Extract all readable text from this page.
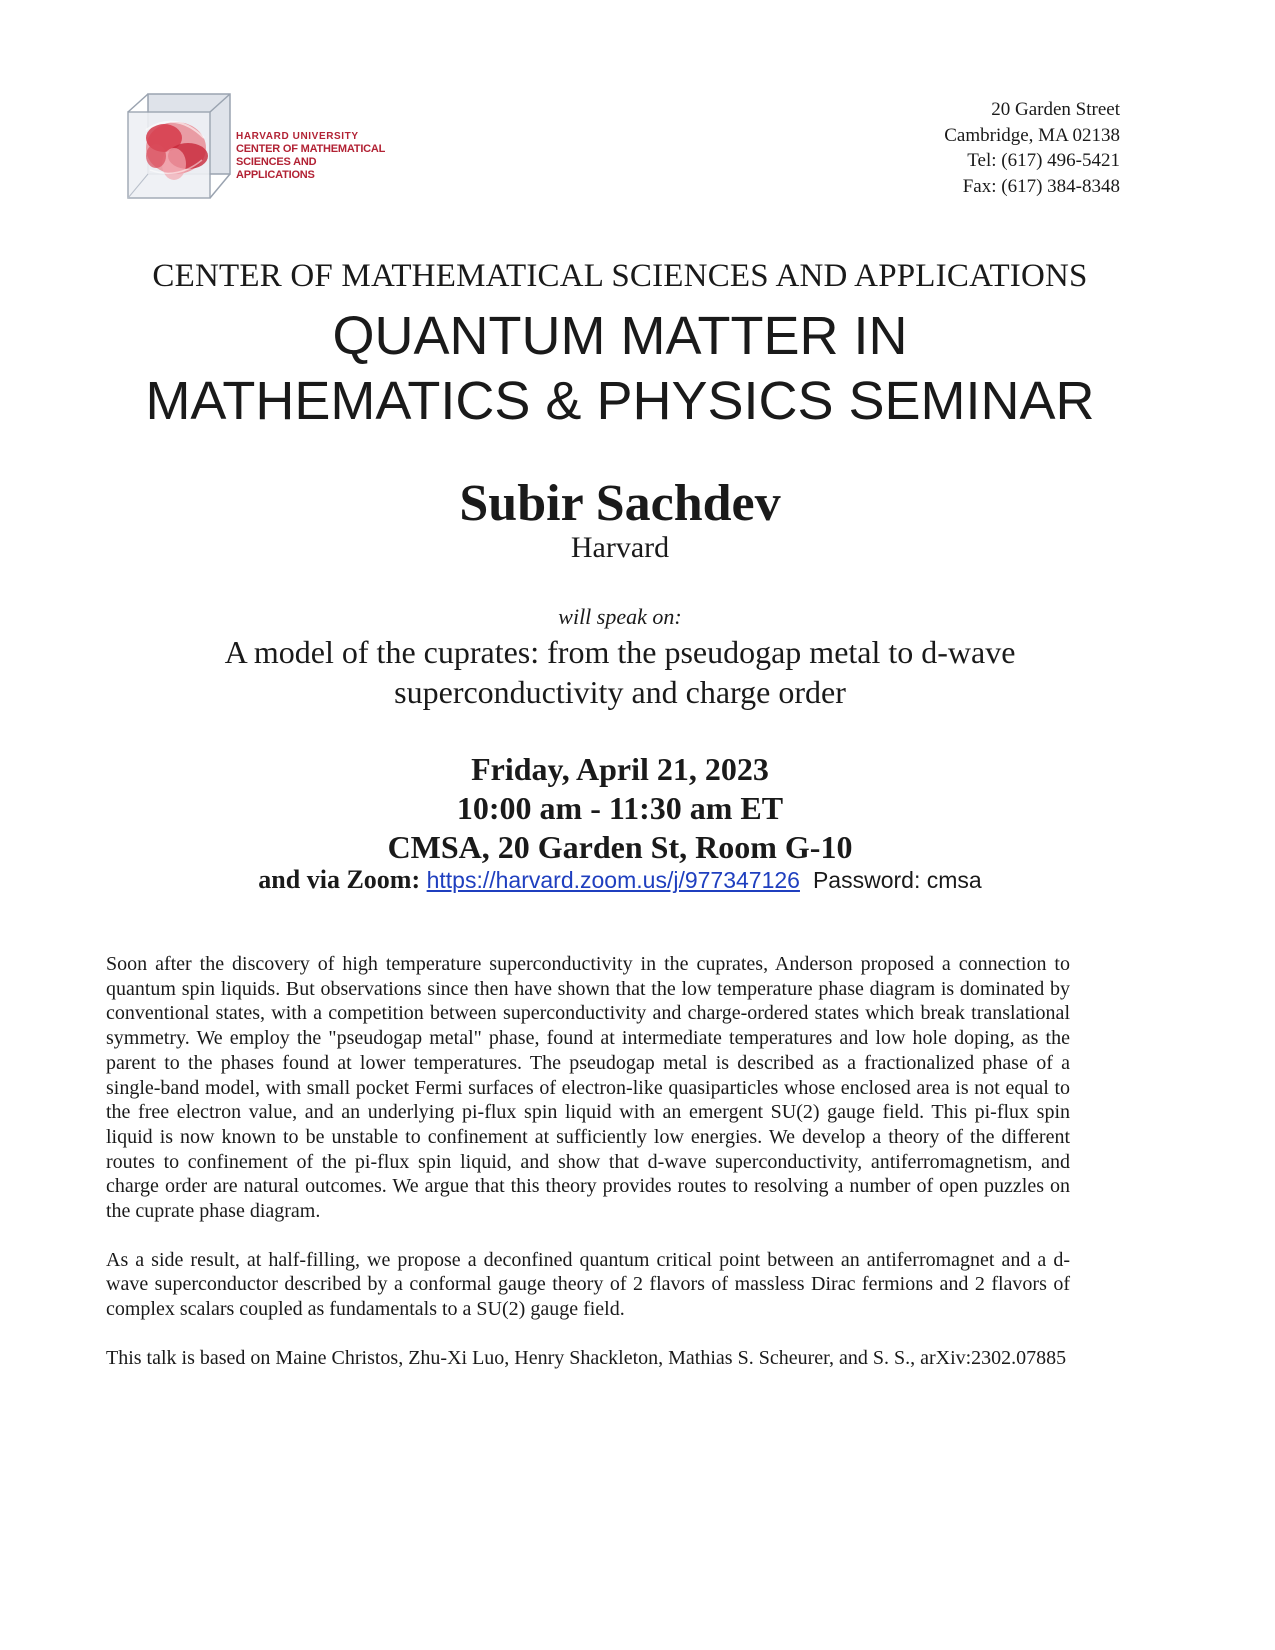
HARVARD UNIVERSITY
CENTER OF MATHEMATICAL
SCIENCES AND APPLICATIONS
20 Garden Street
Cambridge, MA 02138
Tel: (617) 496-5421
Fax: (617) 384-8348
CENTER OF MATHEMATICAL SCIENCES AND APPLICATIONS
QUANTUM MATTER IN
MATHEMATICS & PHYSICS SEMINAR
Subir Sachdev
Harvard
will speak on:
A model of the cuprates: from the pseudogap metal to d-wave
superconductivity and charge order
Friday, April 21, 2023
10:00 am - 11:30 am ET
CMSA, 20 Garden St, Room G-10
and via Zoom: https://harvard.zoom.us/j/977347126 Password: cmsa

Soon after the discovery of high temperature superconductivity in the cuprates, Anderson proposed a connection to quantum spin liquids. But observations since then have shown that the low temperature phase diagram is dominated by conventional states, with a competition between superconductivity and charge-ordered states which break translational symmetry. We employ the "pseudogap metal" phase, found at intermediate temperatures and low hole doping, as the parent to the phases found at lower temperatures. The pseudogap metal is described as a fractionalized phase of a single-band model, with small pocket Fermi surfaces of electron-like quasiparticles whose enclosed area is not equal to the free electron value, and an underlying pi-flux spin liquid with an emergent SU(2) gauge field. This pi-flux spin liquid is now known to be unstable to confinement at sufficiently low energies. We develop a theory of the different routes to confinement of the pi-flux spin liquid, and show that d-wave superconductivity, antiferromagnetism, and charge order are natural outcomes. We argue that this theory provides routes to resolving a number of open puzzles on the cuprate phase diagram.

As a side result, at half-filling, we propose a deconfined quantum critical point between an antiferromagnet and a d-wave superconductor described by a conformal gauge theory of 2 flavors of massless Dirac fermions and 2 flavors of complex scalars coupled as fundamentals to a SU(2) gauge field.

This talk is based on Maine Christos, Zhu-Xi Luo, Henry Shackleton, Mathias S. Scheurer, and S. S., arXiv:2302.07885
